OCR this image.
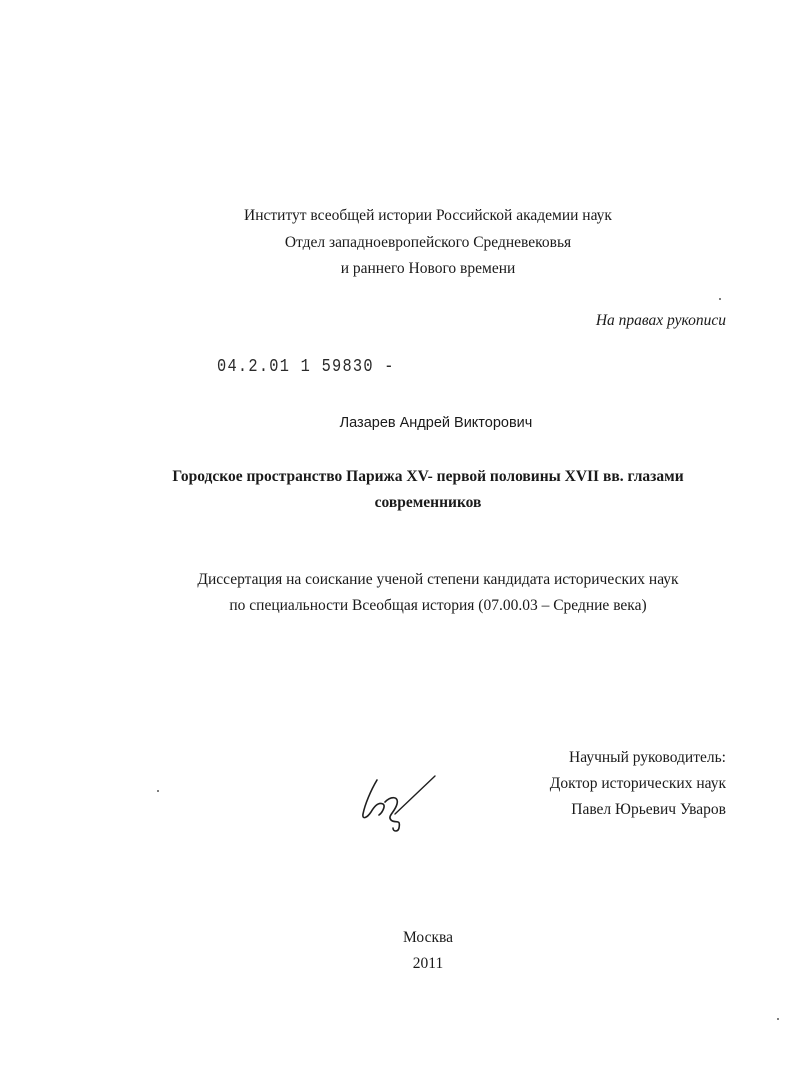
Институт всеобщей истории Российской академии наук
Отдел западноевропейского Средневековья
и раннего Нового времени
На правах рукописи
04.2.01 1 59830 -
Лазарев Андрей Викторович
Городское пространство Парижа XV- первой половины XVII вв. глазами
современников
Диссертация на соискание ученой степени кандидата исторических наук
по специальности Всеобщая история (07.00.03 – Средние века)
Научный руководитель:
Доктор исторических наук
Павел Юрьевич Уваров
Москва
2011
